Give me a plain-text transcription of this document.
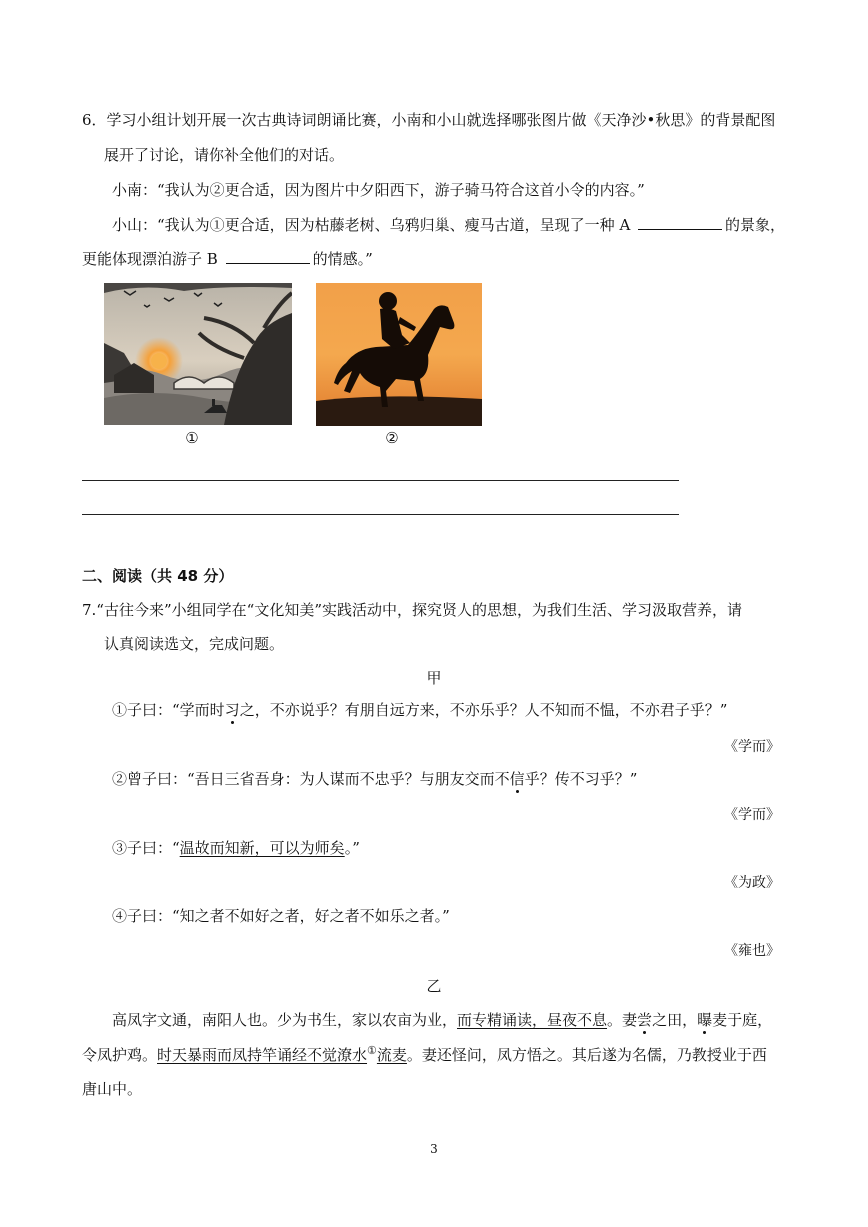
6．学习小组计划开展一次古典诗词朗诵比赛，小南和小山就选择哪张图片做《天净沙•秋思》的背景配图
展开了讨论，请你补全他们的对话。
小南：“我认为②更合适，因为图片中夕阳西下，游子骑马符合这首小令的内容。”
小山：“我认为①更合适，因为枯藤老树、乌鸦归巢、瘦马古道，呈现了一种 A	的景象，
更能体现漂泊游子 B	的情感。”
①	②
二、阅读（共 48 分）
7.“古往今来”小组同学在“文化知美”实践活动中，探究贤人的思想，为我们生活、学习汲取营养，请
认真阅读选文，完成问题。
甲
①子曰：“学而时习之，不亦说乎？有朋自远方来，不亦乐乎？人不知而不愠，不亦君子乎？”
《学而》
②曾子曰：“吾日三省吾身：为人谋而不忠乎？与朋友交而不信乎？传不习乎？”
《学而》
③子曰：“温故而知新，可以为师矣。”
《为政》
④子曰：“知之者不如好之者，好之者不如乐之者。”
《雍也》
乙
高凤字文通，南阳人也。少为书生，家以农亩为业，而专精诵读，昼夜不息。妻尝之田，曝麦于庭，
令凤护鸡。时天暴雨而凤持竿诵经不觉潦水①流麦。妻还怪问，凤方悟之。其后遂为名儒，乃教授业于西
唐山中。
3
